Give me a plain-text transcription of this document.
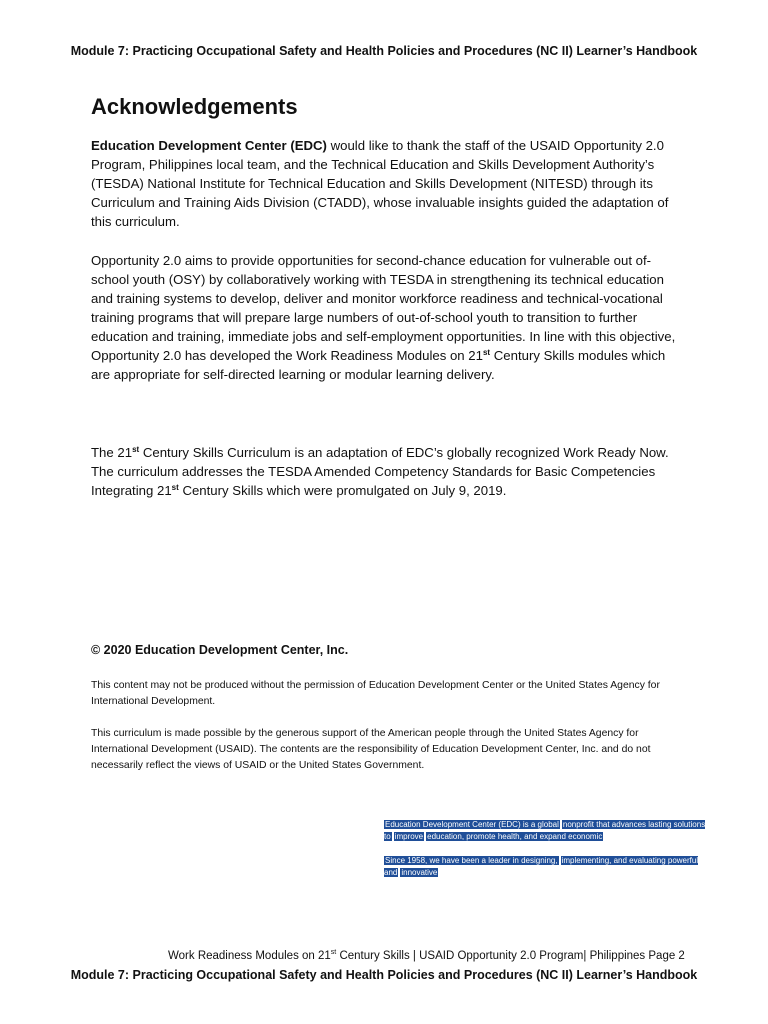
Module 7: Practicing Occupational Safety and Health Policies and Procedures (NC II) Learner’s Handbook
Acknowledgements

Education Development Center (EDC) would like to thank the staff of the USAID Opportunity 2.0 Program, Philippines local team, and the Technical Education and Skills Development Authority’s (TESDA) National Institute for Technical Education and Skills Development (NITESD) through its Curriculum and Training Aids Division (CTADD), whose invaluable insights guided the adaptation of this curriculum.

Opportunity 2.0 aims to provide opportunities for second-chance education for vulnerable out of-school youth (OSY) by collaboratively working with TESDA in strengthening its technical education and training systems to develop, deliver and monitor workforce readiness and technical-vocational training programs that will prepare large numbers of out-of-school youth to transition to further education and training, immediate jobs and self-employment opportunities. In line with this objective, Opportunity 2.0 has developed the Work Readiness Modules on 21st Century Skills modules which are appropriate for self-directed learning or modular learning delivery.

The 21st Century Skills Curriculum is an adaptation of EDC’s globally recognized Work Ready Now. The curriculum addresses the TESDA Amended Competency Standards for Basic Competencies Integrating 21st Century Skills which were promulgated on July 9, 2019.

© 2020 Education Development Center, Inc.

This content may not be produced without the permission of Education Development Center or the United States Agency for International Development.

This curriculum is made possible by the generous support of the American people through the United States Agency for International Development (USAID). The contents are the responsibility of Education Development Center, Inc. and do not necessarily reflect the views of USAID or the United States Government.

Education Development Center (EDC) is a global nonprofit that advances lasting solutions to improve education, promote health, and expand economic
Since 1958, we have been a leader in designing, implementing, and evaluating powerful and innovative
Work Readiness Modules on 21st Century Skills | USAID Opportunity 2.0 Program| Philippines Page 2
Module 7: Practicing Occupational Safety and Health Policies and Procedures (NC II) Learner’s Handbook
